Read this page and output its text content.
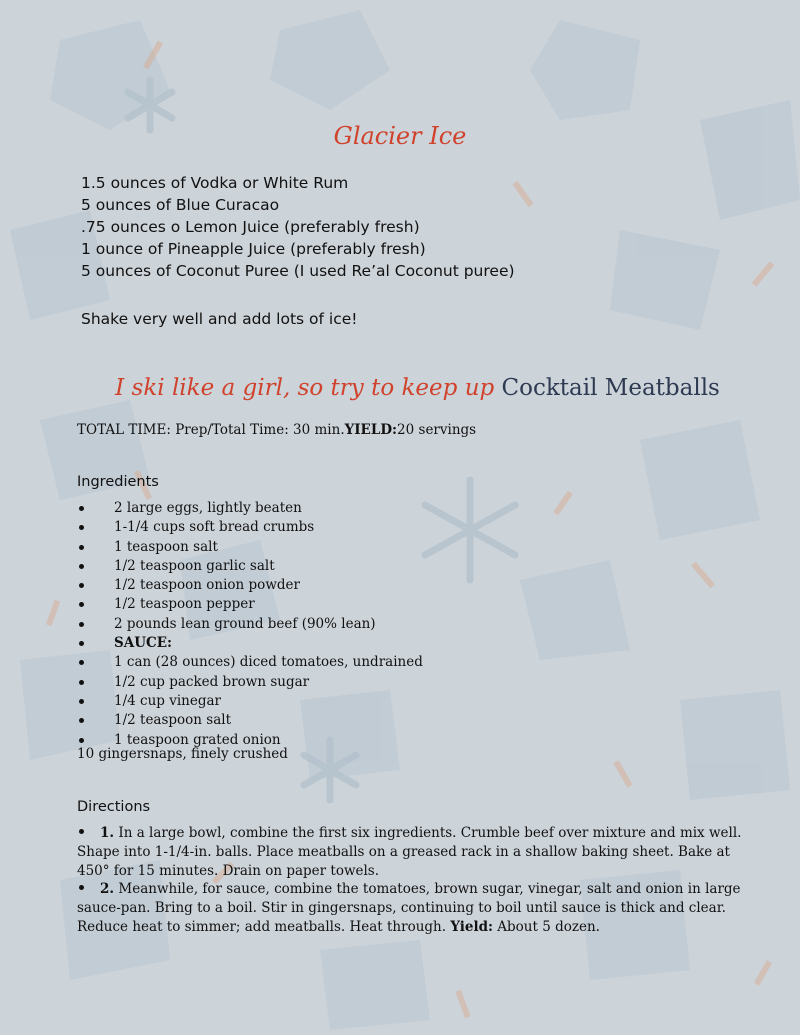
Glacier Ice
1.5 ounces of Vodka or White Rum
5 ounces of Blue Curacao
.75 ounces o Lemon Juice (preferably fresh)
1 ounce of Pineapple Juice (preferably fresh)
5 ounces of Coconut Puree (I used Re’al Coconut puree)
Shake very well and add lots of ice!
I ski like a girl, so try to keep up Cocktail Meatballs
TOTAL TIME: Prep/Total Time: 30 min.YIELD:20 servings
Ingredients
2 large eggs, lightly beaten
1-1/4 cups soft bread crumbs
1 teaspoon salt
1/2 teaspoon garlic salt
1/2 teaspoon onion powder
1/2 teaspoon pepper
2 pounds lean ground beef (90% lean)
SAUCE:
1 can (28 ounces) diced tomatoes, undrained
1/2 cup packed brown sugar
1/4 cup vinegar
1/2 teaspoon salt
1 teaspoon grated onion
10 gingersnaps, finely crushed
Directions

1. In a large bowl, combine the first six ingredients. Crumble beef over mixture and mix well. Shape into 1-1/4-in. balls. Place meatballs on a greased rack in a shallow baking sheet. Bake at 450° for 15 minutes. Drain on paper towels.

2. Meanwhile, for sauce, combine the tomatoes, brown sugar, vinegar, salt and onion in large sauce-pan. Bring to a boil. Stir in gingersnaps, continuing to boil until sauce is thick and clear. Reduce heat to simmer; add meatballs. Heat through. Yield: About 5 dozen.
